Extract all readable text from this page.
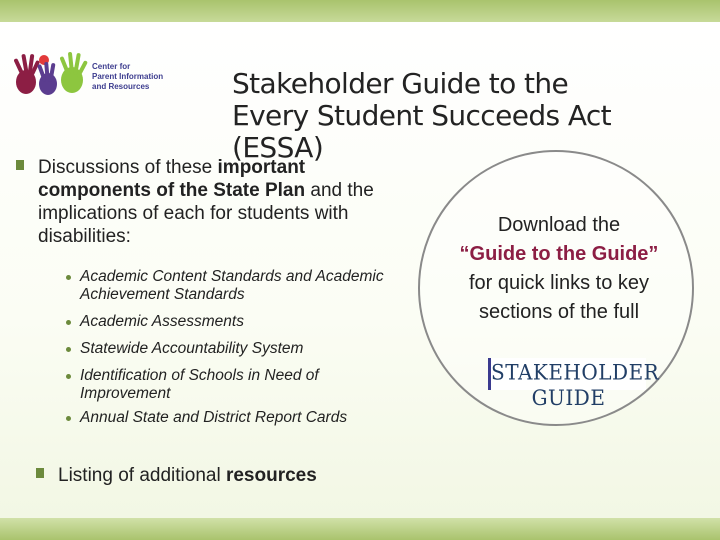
Center for
Parent Information
and Resources	Stakeholder Guide to the
Every Student Succeeds Act
(ESSA)
Discussions of these important components of the State Plan and the implications of each for students with disabilities:
Academic Content Standards and Academic Achievement Standards
Academic Assessments
Statewide Accountability System
Identification of Schools in Need of Improvement
Annual State and District Report Cards
Listing of additional resources
Download the
“Guide to the Guide” for quick links to key sections of the full
STAKEHOLDER GUIDE
